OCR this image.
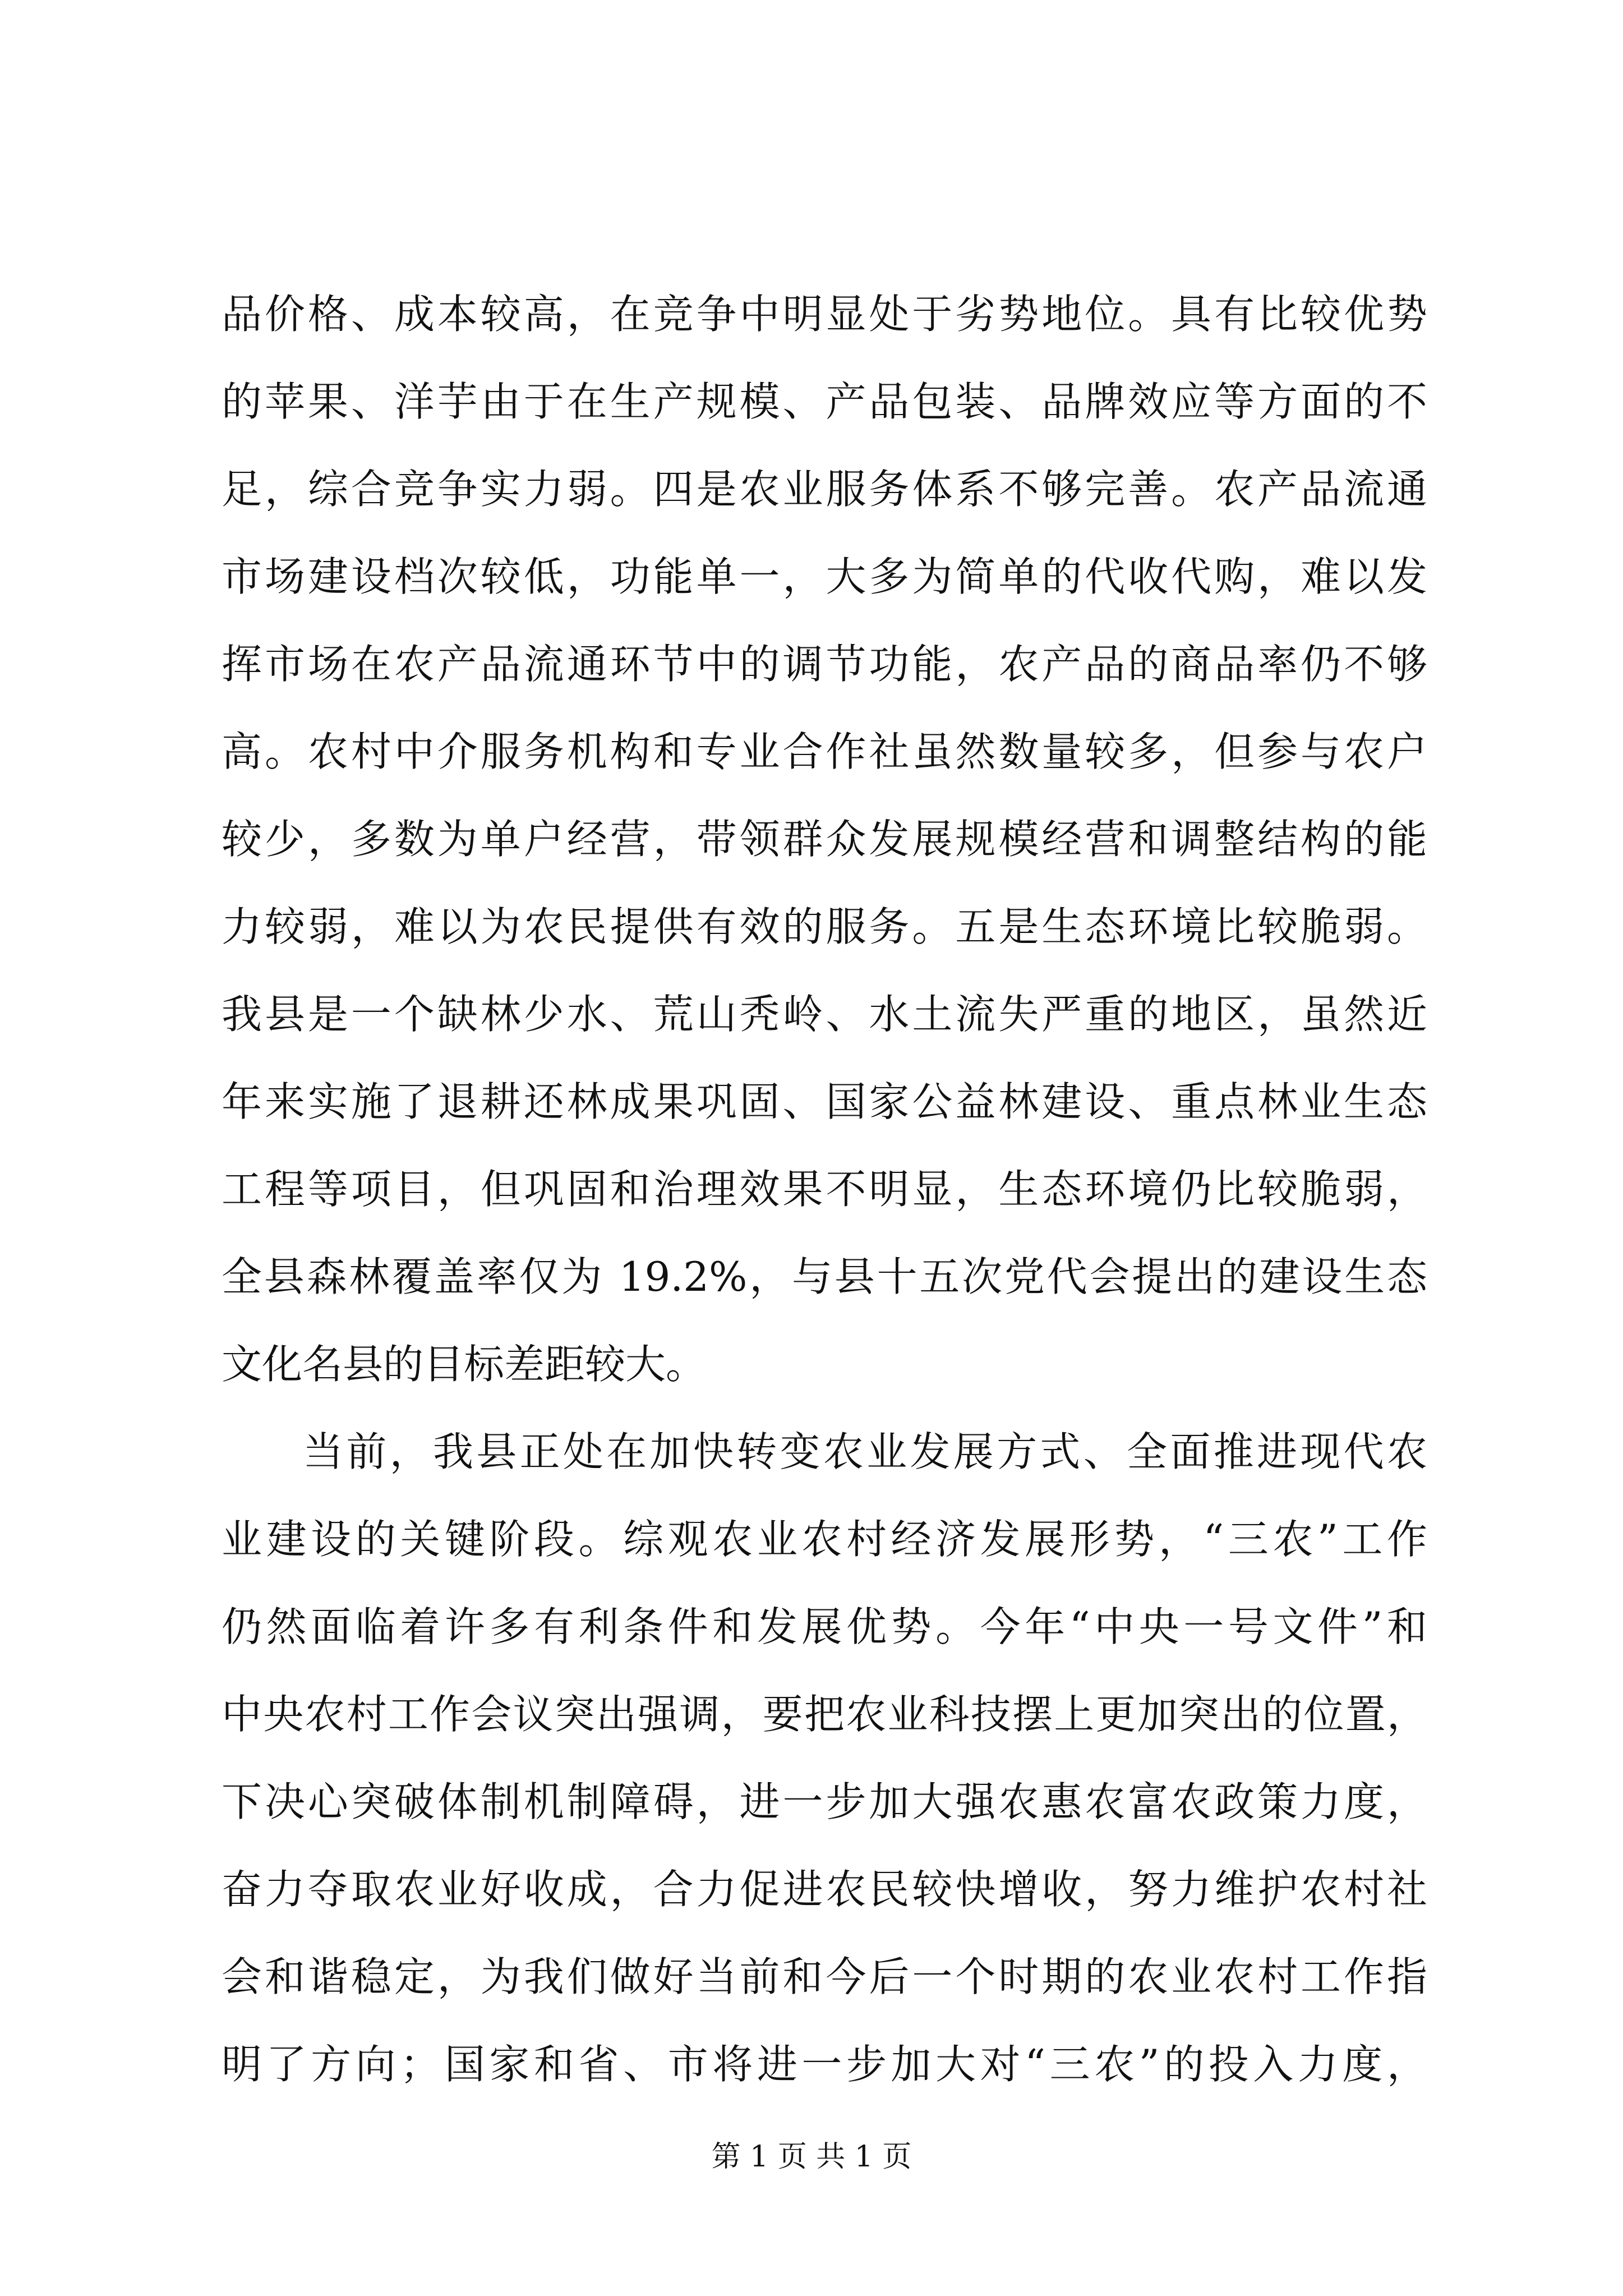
品价格、成本较高，在竞争中明显处于劣势地位。具有比较优势
的苹果、洋芋由于在生产规模、产品包装、品牌效应等方面的不
足，综合竞争实力弱。四是农业服务体系不够完善。农产品流通
市场建设档次较低，功能单一，大多为简单的代收代购，难以发
挥市场在农产品流通环节中的调节功能，农产品的商品率仍不够
高。农村中介服务机构和专业合作社虽然数量较多，但参与农户
较少，多数为单户经营，带领群众发展规模经营和调整结构的能
力较弱，难以为农民提供有效的服务。五是生态环境比较脆弱。
我县是一个缺林少水、荒山秃岭、水土流失严重的地区，虽然近
年来实施了退耕还林成果巩固、国家公益林建设、重点林业生态
工程等项目，但巩固和治理效果不明显，生态环境仍比较脆弱，
全县森林覆盖率仅为 19.2%，与县十五次党代会提出的建设生态
文化名县的目标差距较大。
当前，我县正处在加快转变农业发展方式、全面推进现代农
业建设的关键阶段。综观农业农村经济发展形势，“三农”工作
仍然面临着许多有利条件和发展优势。今年“中央一号文件”和
中央农村工作会议突出强调，要把农业科技摆上更加突出的位置，
下决心突破体制机制障碍，进一步加大强农惠农富农政策力度，
奋力夺取农业好收成，合力促进农民较快增收，努力维护农村社
会和谐稳定，为我们做好当前和今后一个时期的农业农村工作指
明了方向；国家和省、市将进一步加大对“三农”的投入力度，
第 1 页 共 1 页
